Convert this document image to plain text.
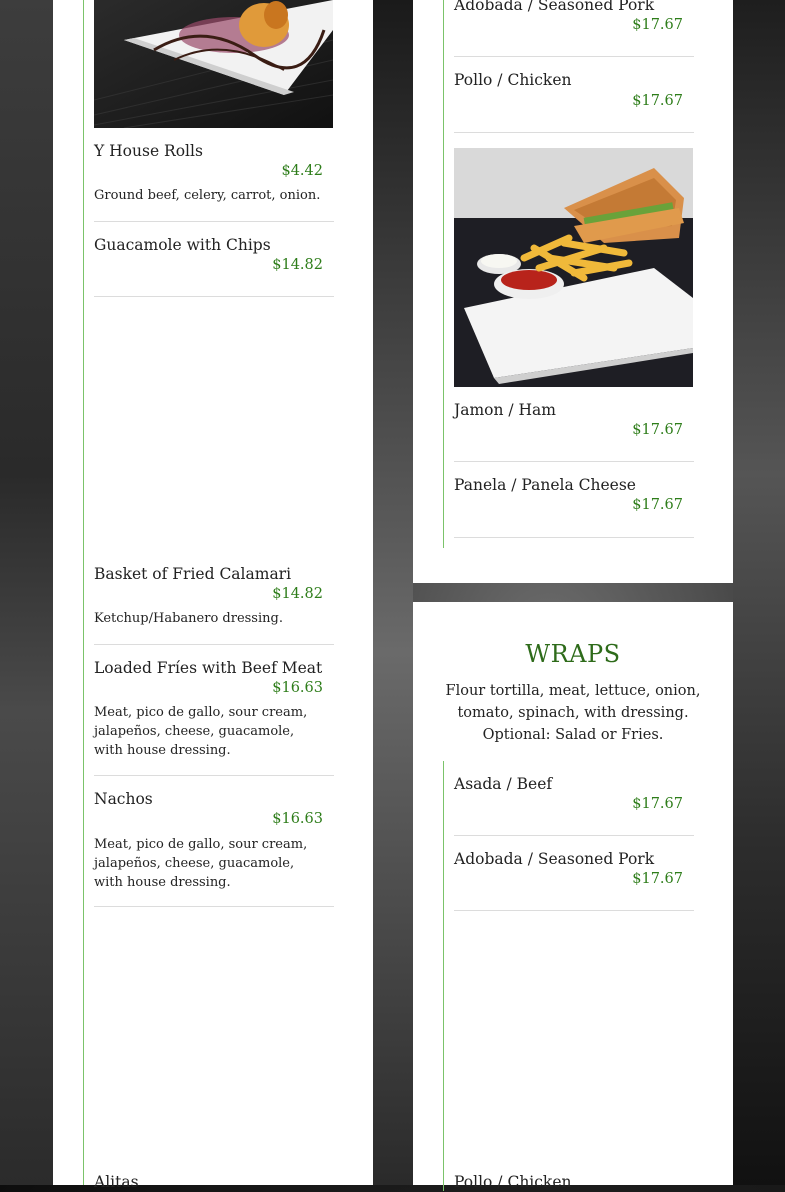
Y House Rolls
$4.42
Ground beef, celery, carrot, onion.
Guacamole with Chips
$14.82
Basket of Fried Calamari
$14.82
Ketchup/Habanero dressing.
Loaded Fríes with Beef Meat
$16.63
Meat, pico de gallo, sour cream,
jalapeños, cheese, guacamole,
with house dressing.
Nachos
$16.63
Meat, pico de gallo, sour cream,
jalapeños, cheese, guacamole,
with house dressing.
Alitas
Adobada / Seasoned Pork
$17.67
Pollo / Chicken
$17.67
Jamon / Ham
$17.67
Panela / Panela Cheese
$17.67
WRAPS
Flour tortilla, meat, lettuce, onion,
tomato, spinach, with dressing.
Optional: Salad or Fries.
Asada / Beef
$17.67
Adobada / Seasoned Pork
$17.67
Pollo / Chicken
